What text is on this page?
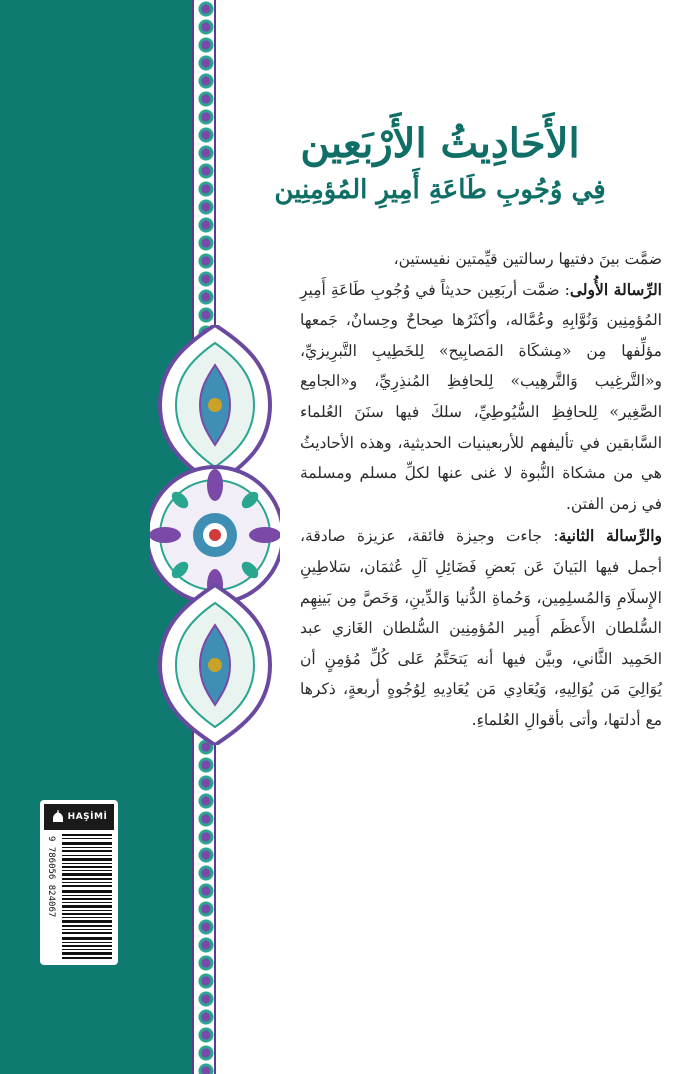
الأَحَادِيثُ الأَرْبَعِين
فِي وُجُوبِ طَاعَةِ أَمِيرِ المُؤمِنِين

ضمَّت بينَ دفتيها رسالتين قيِّمتين نفيستين،

الرِّسالة الأُولى: ضمَّت أربَعِين حديثاً في وُجُوبِ طَاعَةِ أَمِيرِ المُؤمِنِين وَنُوَّابِهِ وعُمَّاله، وأكثَرُها صِحاحٌ وحِسانٌ، جَمعها مؤلِّفها مِن «مِشكَاة المَصابِيح» لِلخَطِيبِ التَّبرِيزيِّ، و«التَّرغِيب وَالتَّرهِيب» لِلحافِظِ المُنذِرِيِّ، و«الجامِع الصَّغِير» لِلحافِظِ السُّيُوطِيِّ، سلكَ فيها سنَنَ العُلماء السَّابقين في تأليفهم للأربعينيات الحديثية، وهذه الأحاديثُ هي من مشكاة النُّبوة لا غنى عنها لكلِّ مسلم ومسلمة في زمن الفتن.

والرِّسالة الثانية: جاءت وجيزة فائقة، عزيزة صادقة، أجمل فيها البَيانَ عَن بَعضِ فَضَائِلِ آلِ عُثمَان، سَلاطِينِ الإِسلَامِ وَالمُسلِمِين، وَحُماةِ الدُّنيا وَالدِّينِ، وَخَصَّ مِن بَينِهِم السُّلطان الأَعظَم أَمِير المُؤمِنِين السُّلطان الغَازي عبد الحَمِيد الثَّاني، وبيَّن فيها أنه يَتحَتَّمُ عَلى كُلِّ مُؤمِنٍ أن يُوَالِيَ مَن يُوَالِيهِ، وَيُعَادِي مَن يُعَادِيهِ لِوُجُوهٍ أربعةٍ، ذكرها مع أدلتها، وأتى بأقوالِ العُلماءِ.

HAŞİMİ
9 786056 824067
